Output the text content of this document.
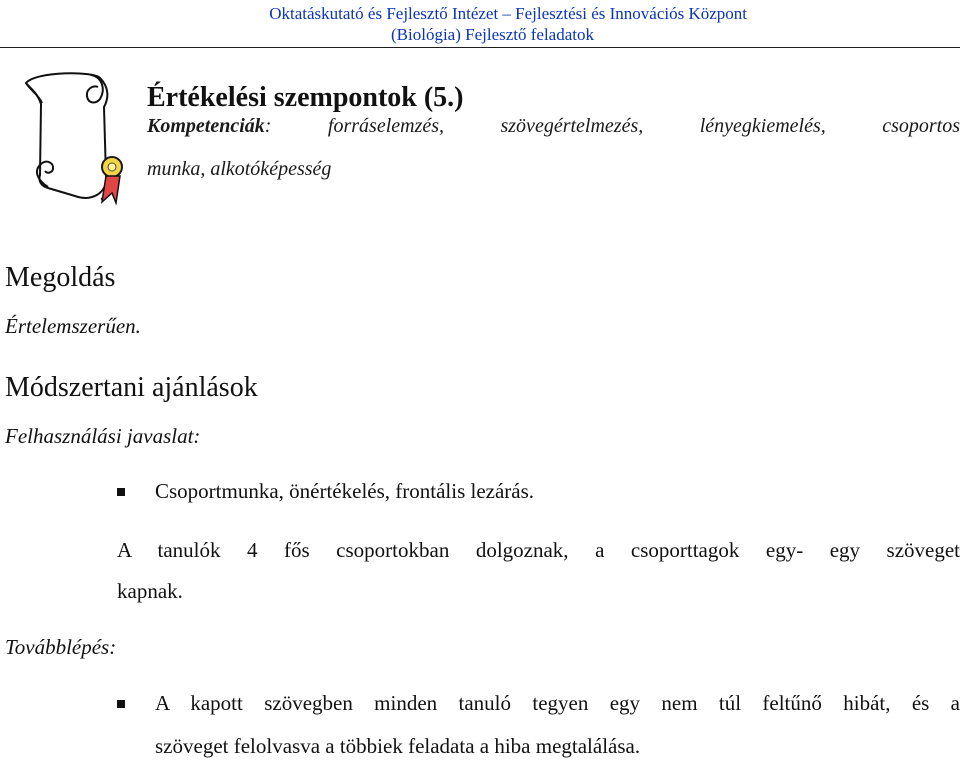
Oktatáskutató és Fejlesztő Intézet – Fejlesztési és Innovációs Központ
(Biológia) Fejlesztő feladatok
Értékelési szempontok (5.)
Kompetenciák: forráselemzés, szövegértelmezés, lényegkiemelés, csoportos
munka, alkotóképesség
Megoldás
Értelemszerűen.
Módszertani ajánlások
Felhasználási javaslat:
Csoportmunka, önértékelés, frontális lezárás.
A tanulók 4 fős csoportokban dolgoznak, a csoporttagok egy- egy szöveget
kapnak.
Továbblépés:
A kapott szövegben minden tanuló tegyen egy nem túl feltűnő hibát, és a
szöveget felolvasva a többiek feladata a hiba megtalálása.
